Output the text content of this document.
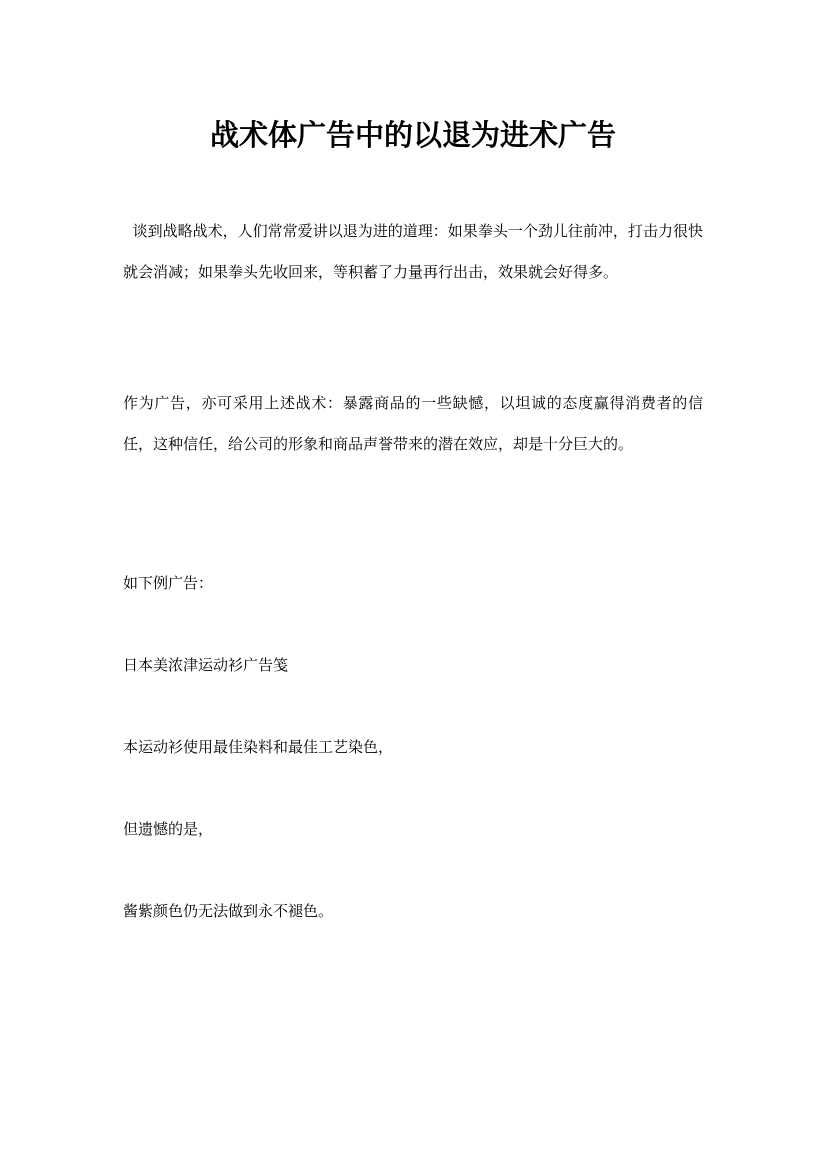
战术体广告中的以退为进术广告
谈到战略战术，人们常常爱讲以退为进的道理：如果拳头一个劲儿往前冲，打击力很快就会消减；如果拳头先收回来，等积蓄了力量再行出击，效果就会好得多。
作为广告，亦可采用上述战术：暴露商品的一些缺憾，以坦诚的态度赢得消费者的信任，这种信任，给公司的形象和商品声誉带来的潜在效应，却是十分巨大的。
如下例广告：
日本美浓津运动衫广告笺
本运动衫使用最佳染料和最佳工艺染色，
但遗憾的是，
酱紫颜色仍无法做到永不褪色。
